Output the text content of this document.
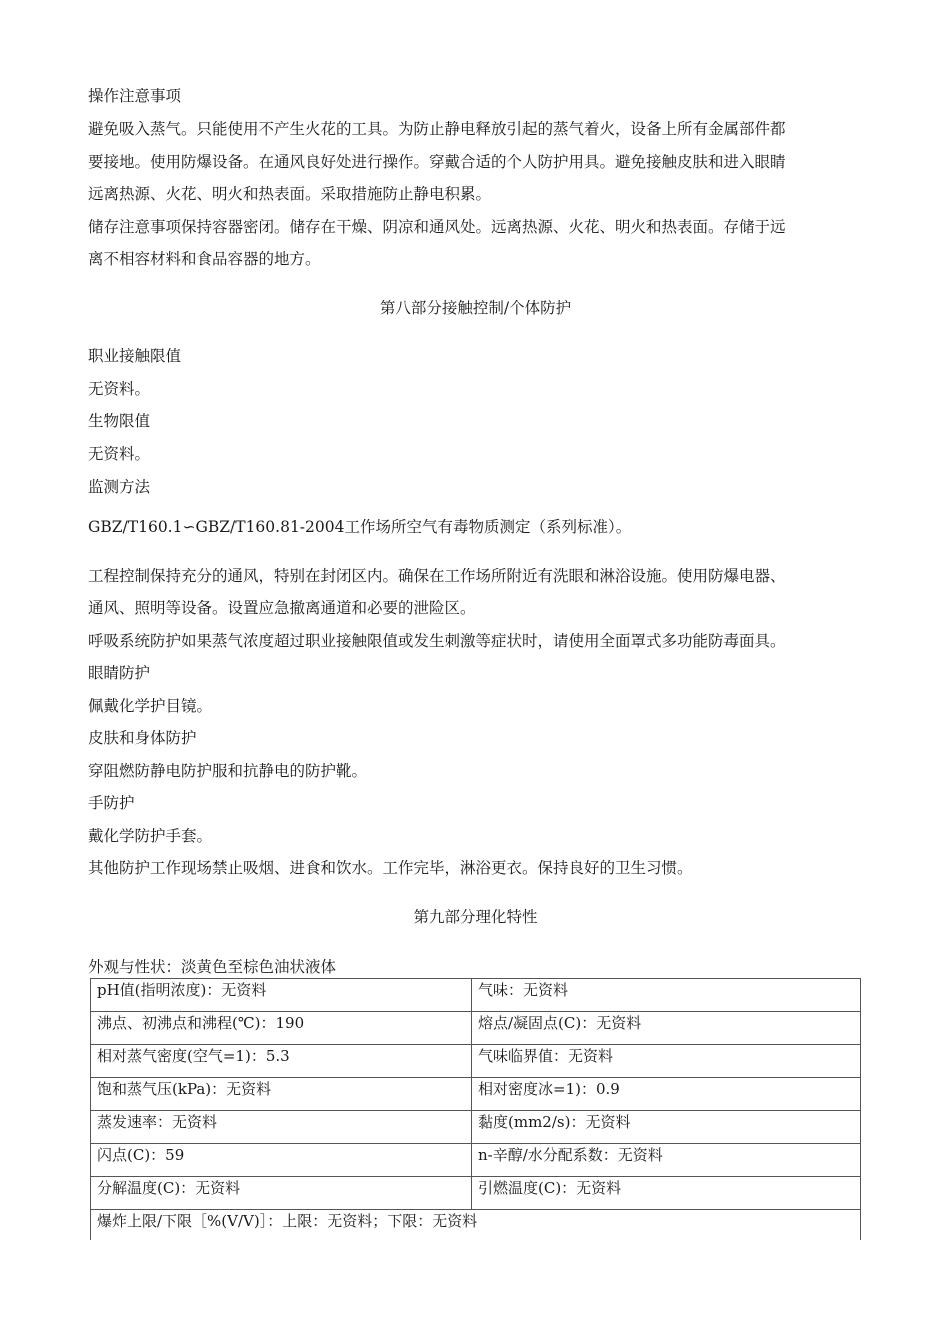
操作注意事项
避免吸入蒸气。只能使用不产生火花的工具。为防止静电释放引起的蒸气着火，设备上所有金属部件都
要接地。使用防爆设备。在通风良好处进行操作。穿戴合适的个人防护用具。避免接触皮肤和进入眼睛
远离热源、火花、明火和热表面。采取措施防止静电积累。
储存注意事项保持容器密闭。储存在干燥、阴凉和通风处。远离热源、火花、明火和热表面。存储于远
离不相容材料和食品容器的地方。
第八部分接触控制/个体防护
职业接触限值
无资料。
生物限值
无资料。
监测方法
GBZ/T160.1∽GBZ/T160.81-2004工作场所空气有毒物质测定（系列标准）。
工程控制保持充分的通风，特别在封闭区内。确保在工作场所附近有洗眼和淋浴设施。使用防爆电器、
通风、照明等设备。设置应急撤离通道和必要的泄险区。
呼吸系统防护如果蒸气浓度超过职业接触限值或发生刺激等症状时，请使用全面罩式多功能防毒面具。
眼睛防护
佩戴化学护目镜。
皮肤和身体防护
穿阻燃防静电防护服和抗静电的防护靴。
手防护
戴化学防护手套。
其他防护工作现场禁止吸烟、进食和饮水。工作完毕，淋浴更衣。保持良好的卫生习惯。
第九部分理化特性
外观与性状：淡黄色至棕色油状液体
pH值(指明浓度)：无资料	气味：无资料
沸点、初沸点和沸程(℃)：190	熔点/凝固点(C)：无资料
相对蒸气密度(空气=1)：5.3	气味临界值：无资料
饱和蒸气压(kPa)：无资料	相对密度冰=1)：0.9
蒸发速率：无资料	黏度(mm2/s)：无资料
闪点(C)：59	n-辛醇/水分配系数：无资料
分解温度(C)：无资料	引燃温度(C)：无资料
爆炸上限/下限［%(V/V)］：上限：无资料；下限：无资料	
